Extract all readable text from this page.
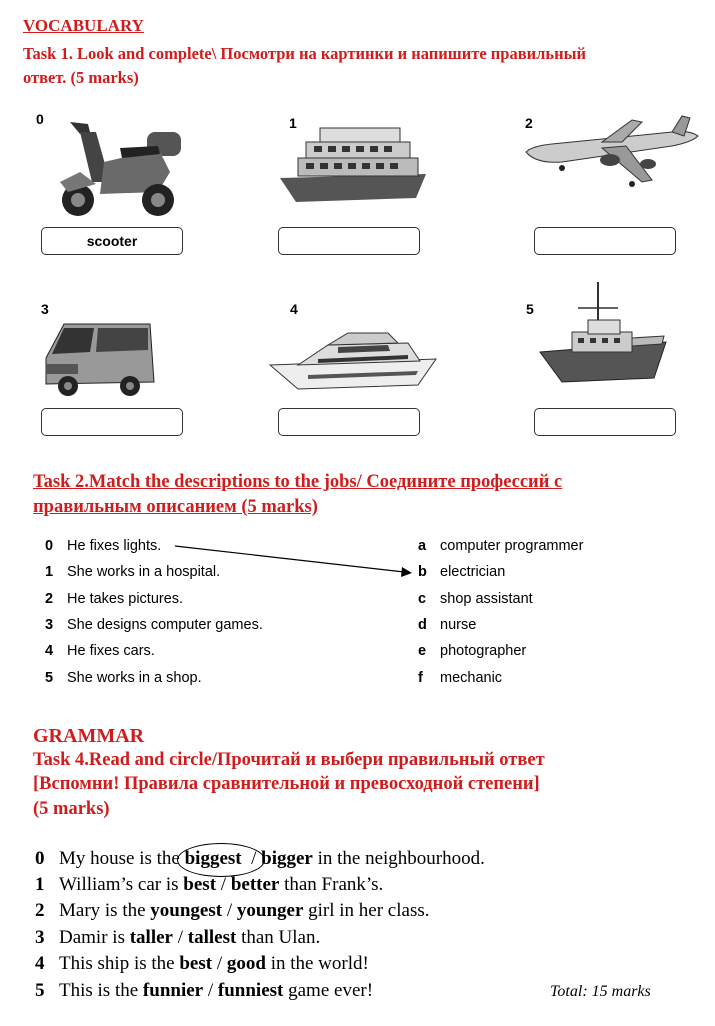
VOCABULARY
Task 1. Look and complete\ Посмотри на картинки и напишите правильный
ответ. (5 marks)
0	1	2
3	4	5
scooter
Task 2.Match the descriptions to the jobs/ Соедините профессий с
правильным описанием (5 marks)
0 He fixes lights.
1 She works in a hospital.
2 He takes pictures.
3 She designs computer games.
4 He fixes cars.
5 She works in a shop.
a computer programmer
b electrician
c shop assistant
d nurse
e photographer
f mechanic
GRAMMAR
Task 4.Read and circle/Прочитай и выбери правильный ответ
[Вспомни! Правила сравнительной и превосходной степени]
(5 marks)
0 My house is the biggest
/ bigger in the neighbourhood.
1 William’s car is best / better than Frank’s.
2 Mary is the youngest / younger girl in her class.
3 Damir is taller / tallest than Ulan.
4 This ship is the best / good in the world!
5 This is the funnier / funniest game ever!	Total: 15 marks
